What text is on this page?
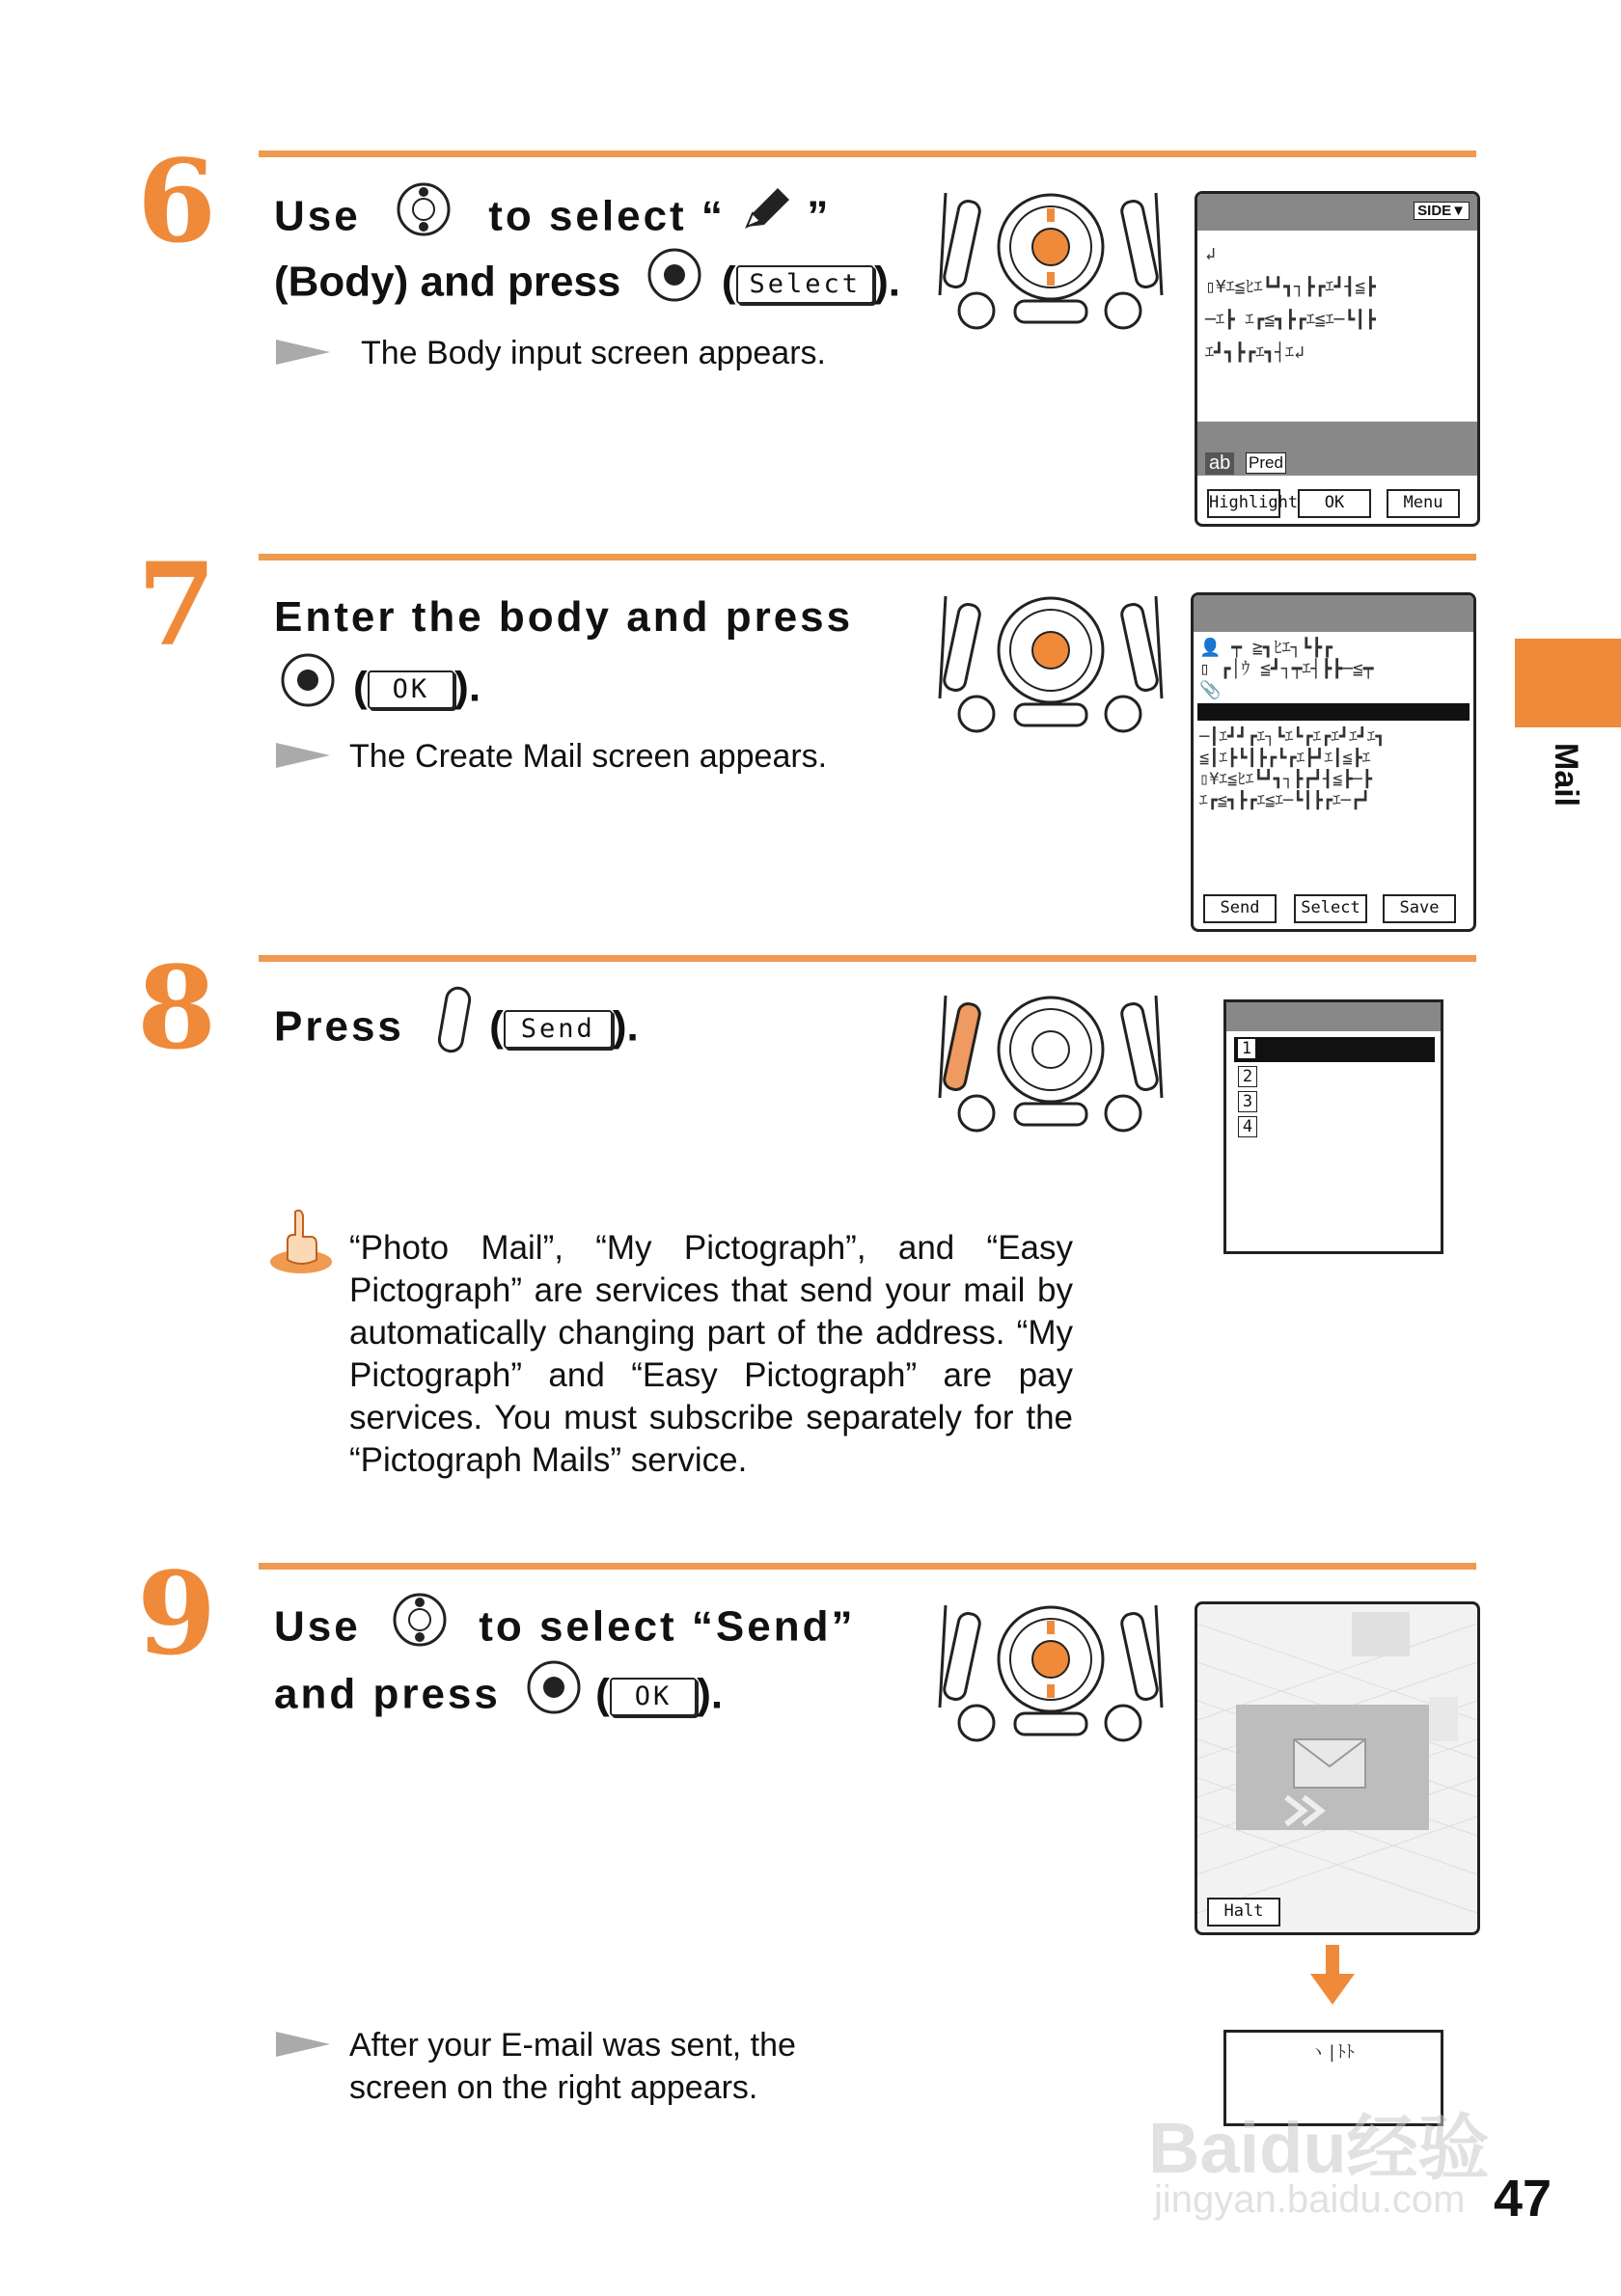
6 Use	to select “ ”
(Body) and press ( Select ).
The Body input screen appears.
SIDE▼
↲
▯¥ｴ≦ﾋｴ┗┛┓┐┣┏ｴ┛┨≦┣
─ｴ┣ ｴ┏≦┓┣┏ｴ≦ｴ─┗┃┣
ｴ┛┓┣┏ｴ┓┤ｴ↲
ab Pred
Highlight	OK	Menu
7 Enter the body and press
( OK ).
The Create Mail screen appears.
👤 ┯ ≧┓ﾋｴ┐┗┣┏
▯ ┏│ｳ ≦┛┐┯ｴ┤┣┣─≦┯
📎
─┃ｴ┛┛┏ｴ┐┗ｴ┗┏ｴ┏ｴ┛ｴ┛ｴ┓
≦┃ｴ┣┗┃┣┏┗┏ｴ┣┛ｴ┃≦┣ｴ
▯¥ｴ≦ﾋｴ┗┛┓┐┣┏┛┨≦┣─┣
ｴ┏≦┓┣┏ｴ≦ｴ─┗┃┣┏ｴ─┏┛
Send	Select	Save
Mail
8 Press ( Send ).	1
2
3
4
“Photo Mail”, “My Pictograph”, and “Easy Pictograph” are services that send your mail by automatically changing part of the address. “My Pictograph” and “Easy Pictograph” are pay services. You must subscribe separately for the “Pictograph Mails” service.
9 Use	to select “Send”
and press ( OK ).
Halt
ヽ|ﾄﾄ
After your E-mail was sent, the
screen on the right appears.
Baidu经验
jingyan.baidu.com 47
